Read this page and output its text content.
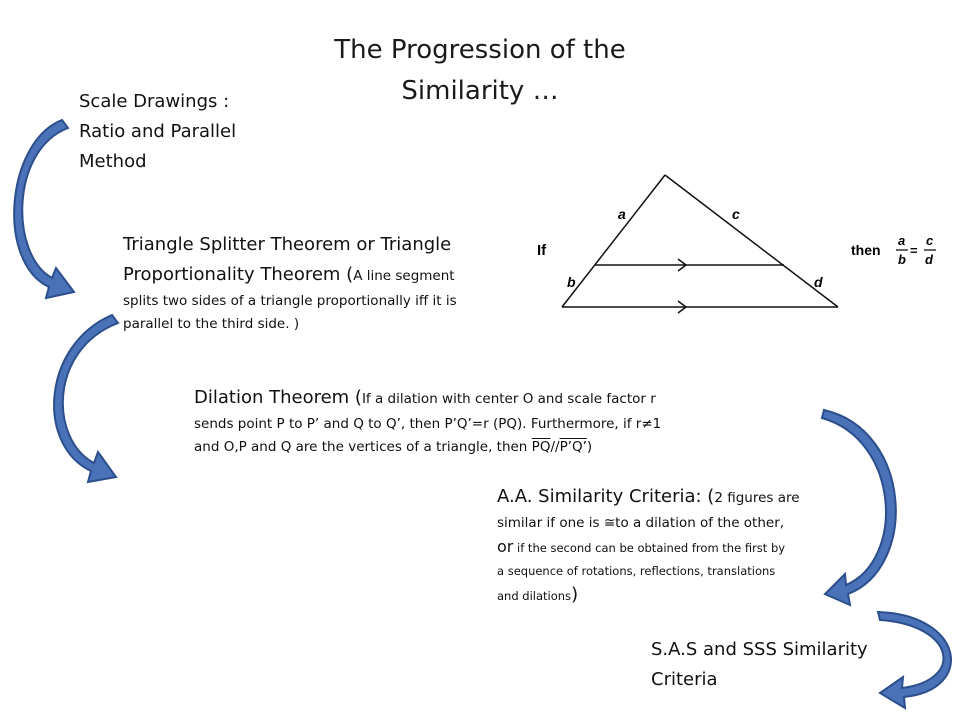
The Progression of the
Similarity …
Scale Drawings :
Ratio and Parallel
Method
Triangle Splitter Theorem or Triangle
Proportionality Theorem (A line segment
splits two sides of a triangle proportionally iff it is
parallel to the third side. )
Dilation Theorem (If a dilation with center O and scale factor r
sends point P to P’ and Q to Q’, then P’Q’=r (PQ). Furthermore, if r≠1
and O,P and Q are the vertices of a triangle, then $\overline{PQ}//P’Q$’)
A.A. Similarity Criteria: (2 figures are
similar if one is ≅to a dilation of the other,
or if the second can be obtained from the first by
a sequence of rotations, reflections, translations
and dilations)
S.A.S and SSS Similarity
Criteria
If
a	c
b	d
then
a
b
=
c
d
